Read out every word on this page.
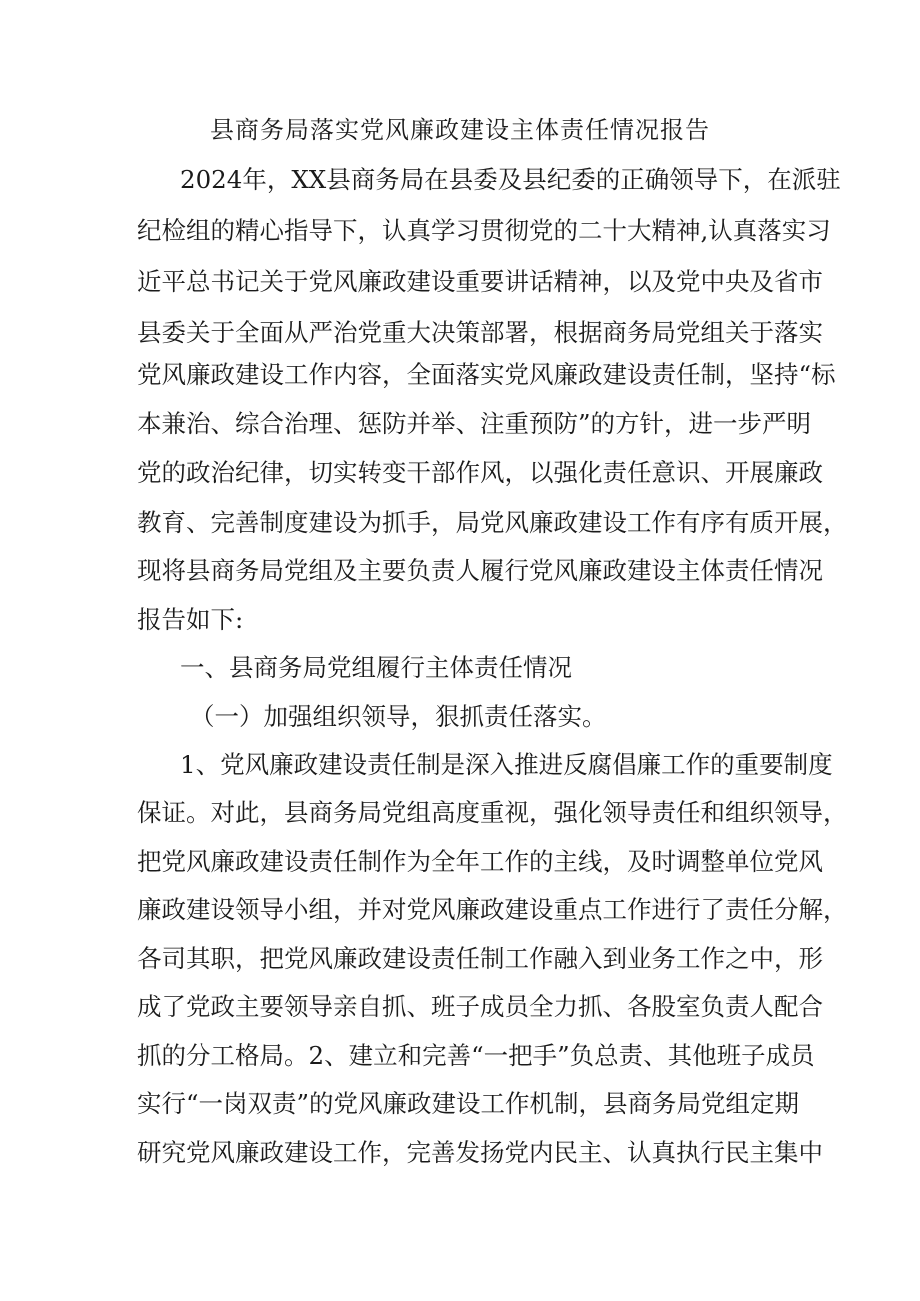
县商务局落实党风廉政建设主体责任情况报告
2024年，XX县商务局在县委及县纪委的正确领导下，在派驻
纪检组的精心指导下，认真学习贯彻党的二十大精神,认真落实习
近平总书记关于党风廉政建设重要讲话精神，以及党中央及省市
县委关于全面从严治党重大决策部署，根据商务局党组关于落实
党风廉政建设工作内容，全面落实党风廉政建设责任制，坚持“标
本兼治、综合治理、惩防并举、注重预防”的方针，进一步严明
党的政治纪律，切实转变干部作风，以强化责任意识、开展廉政
教育、完善制度建设为抓手，局党风廉政建设工作有序有质开展，
现将县商务局党组及主要负责人履行党风廉政建设主体责任情况
报告如下:
一、县商务局党组履行主体责任情况
（一）加强组织领导，狠抓责任落实。
1、党风廉政建设责任制是深入推进反腐倡廉工作的重要制度
保证。对此，县商务局党组高度重视，强化领导责任和组织领导，
把党风廉政建设责任制作为全年工作的主线，及时调整单位党风
廉政建设领导小组，并对党风廉政建设重点工作进行了责任分解，
各司其职，把党风廉政建设责任制工作融入到业务工作之中，形
成了党政主要领导亲自抓、班子成员全力抓、各股室负责人配合
抓的分工格局。2、建立和完善“一把手”负总责、其他班子成员
实行“一岗双责”的党风廉政建设工作机制，县商务局党组定期
研究党风廉政建设工作，完善发扬党内民主、认真执行民主集中
